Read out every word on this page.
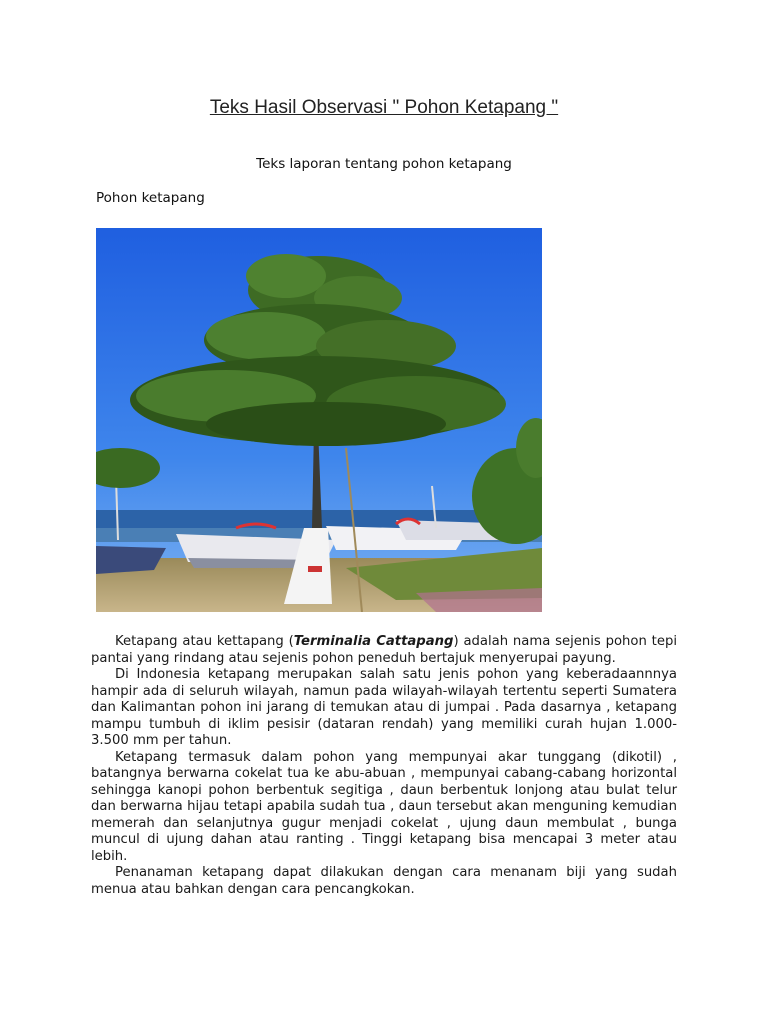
Teks Hasil Observasi " Pohon Ketapang "
Teks laporan tentang pohon ketapang
Pohon ketapang

Ketapang atau kettapang (Terminalia Cattapang) adalah nama sejenis pohon tepi pantai yang rindang atau sejenis pohon peneduh bertajuk menyerupai payung.

Di Indonesia ketapang merupakan salah satu jenis pohon yang keberadaannnya hampir ada di seluruh wilayah, namun pada wilayah-wilayah tertentu seperti Sumatera dan Kalimantan pohon ini jarang di temukan atau di jumpai . Pada dasarnya , ketapang mampu tumbuh di iklim pesisir (dataran rendah) yang memiliki curah hujan 1.000-3.500 mm per tahun.

Ketapang termasuk dalam pohon yang mempunyai akar tunggang (dikotil) , batangnya berwarna cokelat tua ke abu-abuan , mempunyai cabang-cabang horizontal sehingga kanopi pohon berbentuk segitiga , daun berbentuk lonjong atau bulat telur dan berwarna hijau tetapi apabila sudah tua , daun tersebut akan menguning kemudian memerah dan selanjutnya gugur menjadi cokelat , ujung daun membulat , bunga muncul di ujung dahan atau ranting . Tinggi ketapang bisa mencapai 3 meter atau lebih.

Penanaman ketapang dapat dilakukan dengan cara menanam biji yang sudah menua atau bahkan dengan cara pencangkokan.
